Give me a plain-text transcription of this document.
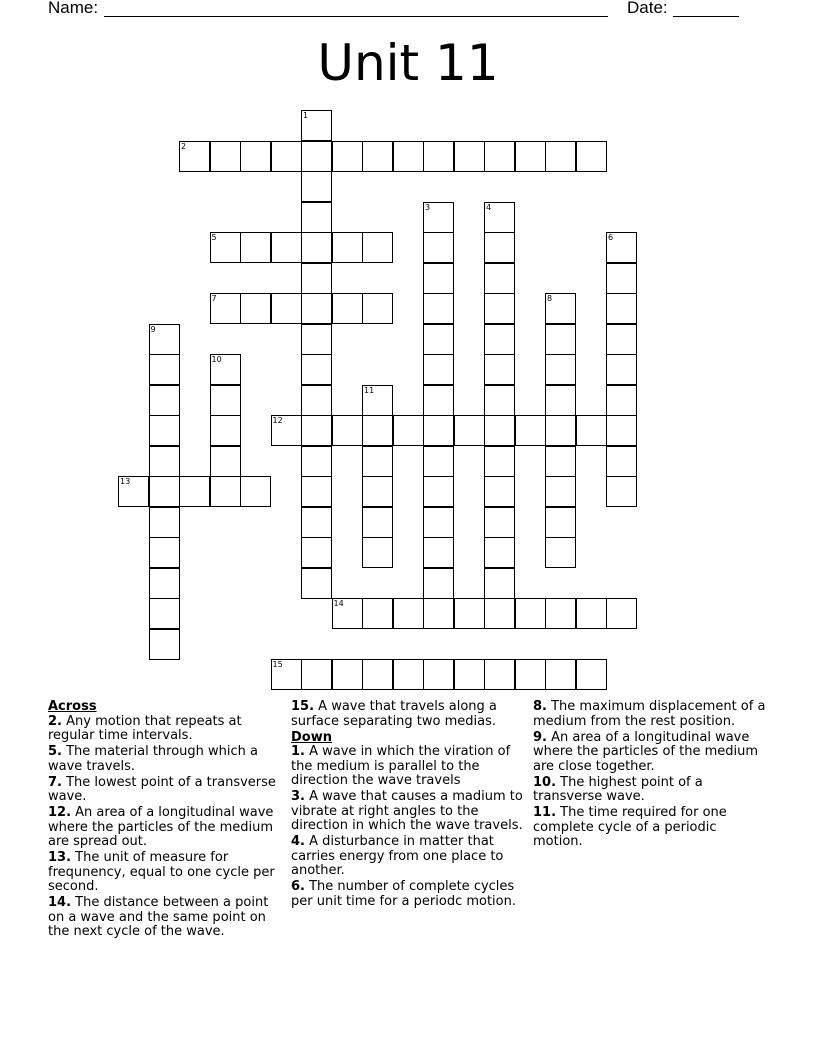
Name:	Date:
Unit 11
1
2
3	4
5	6
7	8
9
10
11
12
13
14
15
Across
2. Any motion that repeats at regular time intervals.
5. The material through which a wave travels.
7. The lowest point of a transverse wave.
12. An area of a longitudinal wave where the particles of the medium are spread out.
13. The unit of measure for frequnency, equal to one cycle per second.
14. The distance between a point on a wave and the same point on the next cycle of the wave.
15. A wave that travels along a surface separating two medias.
Down
1. A wave in which the viration of the medium is parallel to the direction the wave travels
3. A wave that causes a madium to vibrate at right angles to the direction in which the wave travels.
4. A disturbance in matter that carries energy from one place to another.
6. The number of complete cycles per unit time for a periodc motion.
8. The maximum displacement of a medium from the rest position.
9. An area of a longitudinal wave where the particles of the medium are close together.
10. The highest point of a transverse wave.
11. The time required for one complete cycle of a periodic motion.
